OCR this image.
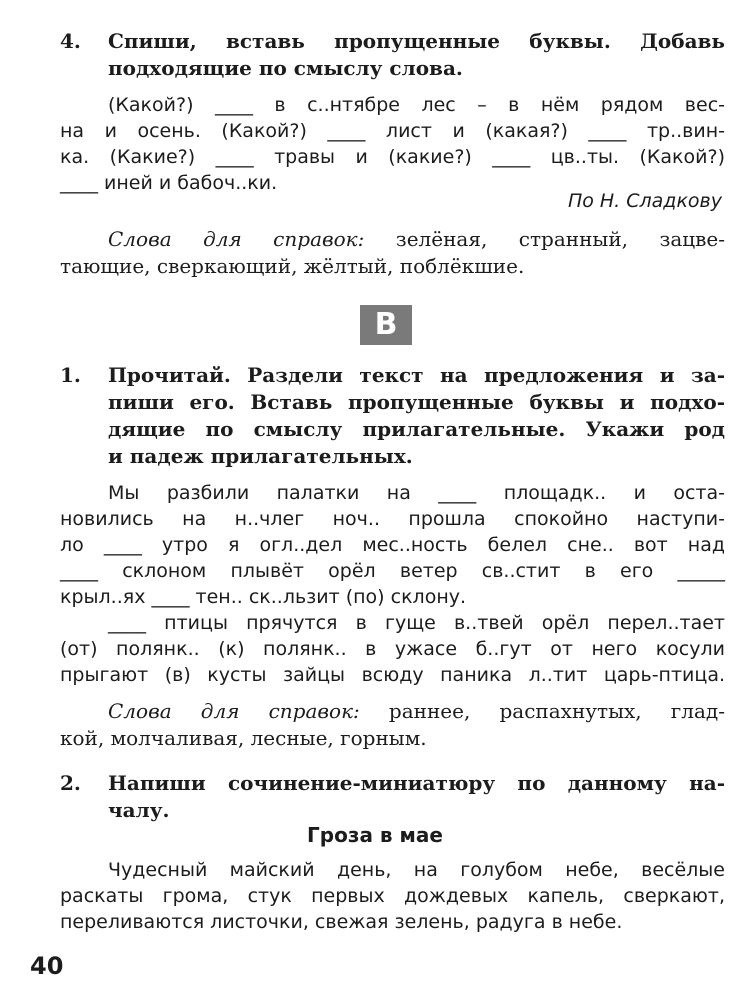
4. Спиши, вставь пропущенные буквы. Добавь
подходящие по смыслу слова.
(Какой?) ____ в с..нтябре лес – в нём рядом вес-
на и осень. (Какой?) ____ лист и (какая?) ____ тр..вин-
ка. (Какие?) ____ травы и (какие?) ____ цв..ты. (Какой?)
____ иней и бабоч..ки.
По Н. Сладкову
Слова для справок: зелёная, странный, зацве-
тающие, сверкающий, жёлтый, поблёкшие.
В
1. Прочитай. Раздели текст на предложения и за-
пиши его. Вставь пропущенные буквы и подхо-
дящие по смыслу прилагательные. Укажи род
и падеж прилагательных.
Мы разбили палатки на ____ площадк.. и оста-
новились на н..члег ноч.. прошла спокойно наступи-
ло ____ утро я огл..дел мес..ность белел сне.. вот над
____ склоном плывёт орёл ветер св..стит в его _____
крыл..ях ____ тен.. ск..льзит (по) склону.
____ птицы прячутся в гуще в..твей орёл перел..тает
(от) полянк.. (к) полянк.. в ужасе б..гут от него косули
прыгают (в) кусты зайцы всюду паника л..тит царь-птица.
Слова для справок: раннее, распахнутых, глад-
кой, молчаливая, лесные, горным.
2. Напиши сочинение-миниатюру по данному на-
чалу.
Гроза в мае
Чудесный майский день, на голубом небе, весёлые
раскаты грома, стук первых дождевых капель, сверкают,
переливаются листочки, свежая зелень, радуга в небе.
40
